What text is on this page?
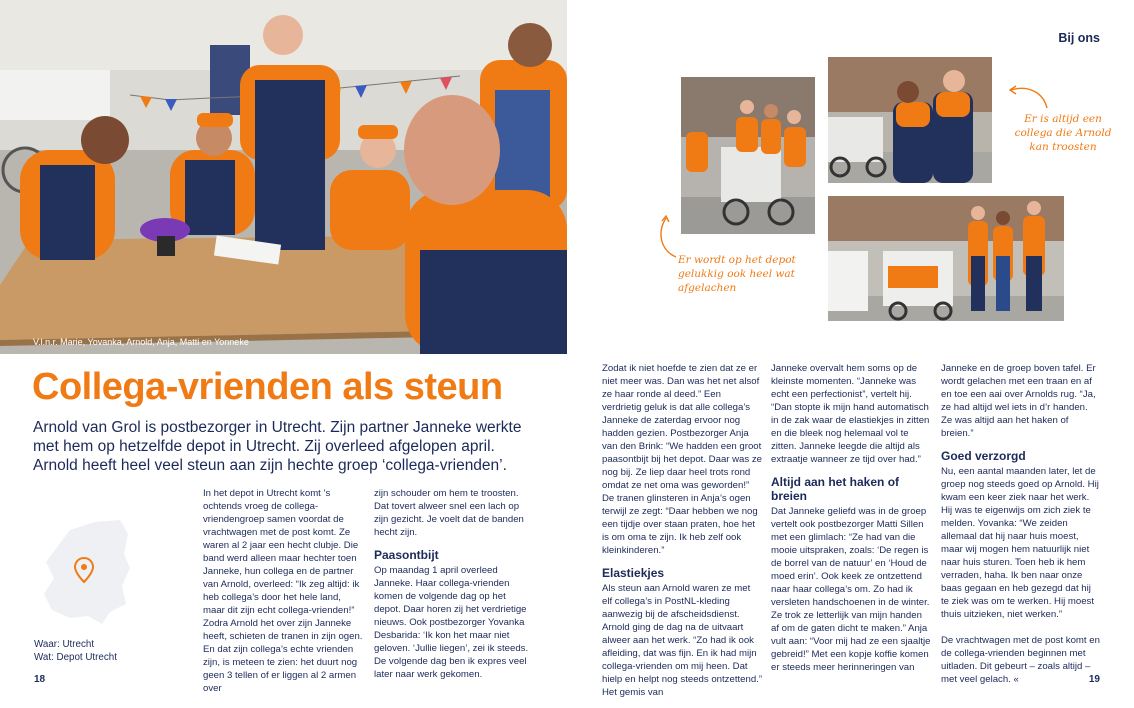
V.l.n.r. Marie, Yovanka, Arnold, Anja, Matti en Yonneke
Er wordt op het depot gelukkig ook heel wat afgelachen
Er is altijd een collega die Arnold kan troosten
Bij ons
Collega-vrienden als steun
Arnold van Grol is postbezorger in Utrecht. Zijn partner Janneke werkte met hem op hetzelfde depot in Utrecht. Zij overleed afgelopen april. Arnold heeft heel veel steun aan zijn hechte groep ‘collega-vrienden’.
Waar: Utrecht
Wat: Depot Utrecht

In het depot in Utrecht komt ’s ochtends vroeg de collega-vriendengroep samen voordat de vrachtwagen met de post komt. Ze waren al 2 jaar een hecht clubje. Die band werd alleen maar hechter toen Janneke, hun collega en de partner van Arnold, overleed: “Ik zeg altijd: ik heb collega’s door het hele land, maar dit zijn echt collega-vrienden!” Zodra Arnold het over zijn Janneke heeft, schieten de tranen in zijn ogen. En dat zijn collega’s echte vrienden zijn, is meteen te zien: het duurt nog geen 3 tellen of er liggen al 2 armen over

zijn schouder om hem te troosten. Dat tovert alweer snel een lach op zijn gezicht. Je voelt dat de banden hecht zijn.

Paasontbijt

Op maandag 1 april overleed Janneke. Haar collega-vrienden komen de volgende dag op het depot. Daar horen zij het verdrietige nieuws. Ook postbezorger Yovanka Desbarida: ‘Ik kon het maar niet geloven. ‘Jullie liegen’, zei ik steeds. De volgende dag ben ik expres veel later naar werk gekomen.

Zodat ik niet hoefde te zien dat ze er niet meer was. Dan was het net alsof ze haar ronde al deed.” Een verdrietig geluk is dat alle collega’s Janneke de zaterdag ervoor nog hadden gezien. Postbezorger Anja van den Brink: “We hadden een groot paasontbijt bij het depot. Daar was ze nog bij. Ze liep daar heel trots rond omdat ze net oma was geworden!” De tranen glinsteren in Anja’s ogen terwijl ze zegt: “Daar hebben we nog een tijdje over staan praten, hoe het is om oma te zijn. Ik heb zelf ook kleinkinderen.”

Elastiekjes

Als steun aan Arnold waren ze met elf collega’s in PostNL-kleding aanwezig bij de afscheidsdienst. Arnold ging de dag na de uitvaart alweer aan het werk. “Zo had ik ook afleiding, dat was fijn. En ik had mijn collega-vrienden om mij heen. Dat hielp en helpt nog steeds ontzettend.” Het gemis van

Janneke overvalt hem soms op de kleinste momenten. “Janneke was echt een perfectionist”, vertelt hij. “Dan stopte ik mijn hand automatisch in de zak waar de elastiekjes in zitten en die bleek nog helemaal vol te zitten. Janneke leegde die altijd als extraatje wanneer ze tijd over had.”

Altijd aan het haken of breien

Dat Janneke geliefd was in de groep vertelt ook postbezorger Matti Sillen met een glimlach: “Ze had van die mooie uitspraken, zoals: ‘De regen is de borrel van de natuur’ en ‘Houd de moed erin’. Ook keek ze ontzettend naar haar collega’s om. Zo had ik versleten handschoenen in de winter. Ze trok ze letterlijk van mijn handen af om de gaten dicht te maken.” Anja vult aan: “Voor mij had ze een sjaaltje gebreid!” Met een kopje koffie komen er steeds meer herinneringen van

Janneke en de groep boven tafel. Er wordt gelachen met een traan en af en toe een aai over Arnolds rug. “Ja, ze had altijd wel iets in d’r handen. Ze was altijd aan het haken of breien.”

Goed verzorgd

Nu, een aantal maanden later, let de groep nog steeds goed op Arnold. Hij kwam een keer ziek naar het werk. Hij was te eigenwijs om zich ziek te melden. Yovanka: “We zeiden allemaal dat hij naar huis moest, maar wij mogen hem natuurlijk niet naar huis sturen. Toen heb ik hem verraden, haha. Ik ben naar onze baas gegaan en heb gezegd dat hij te ziek was om te werken. Hij moest thuis uitzieken, niet werken.”

De vrachtwagen met de post komt en de collega-vrienden beginnen met uitladen. Dit gebeurt – zoals altijd – met veel gelach. «

18	19
